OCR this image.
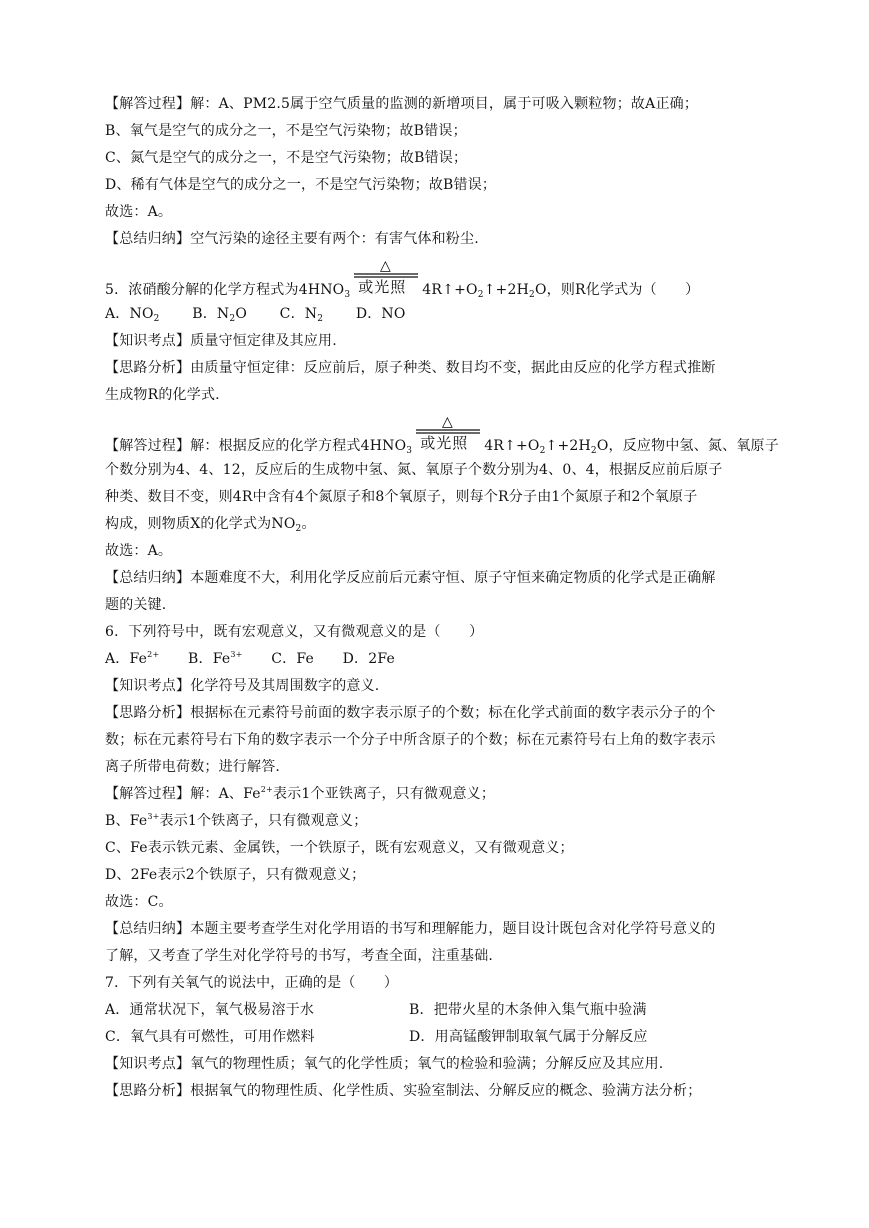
【解答过程】解：A、PM2.5属于空气质量的监测的新增项目，属于可吸入颗粒物；故A正确；
B、氧气是空气的成分之一，不是空气污染物；故B错误；
C、氮气是空气的成分之一，不是空气污染物；故B错误；
D、稀有气体是空气的成分之一，不是空气污染物；故B错误；
故选：A。
【总结归纳】空气污染的途径主要有两个：有害气体和粉尘.
5．浓硝酸分解的化学方程式为$4HNO_3$
△
或光照 $4R↑+O_2↑+2H_2O$，则R化学式为（　　）
A．$NO_2$ B．$N_2O$ C．$N_2$ D．NO
【知识考点】质量守恒定律及其应用.
【思路分析】由质量守恒定律：反应前后，原子种类、数目均不变，据此由反应的化学方程式推断
生成物R的化学式.
【解答过程】解：根据反应的化学方程式$4HNO_3$
△
或光照 $4R↑+O_2↑+2H_2O$，反应物中氢、氮、氧原子
个数分别为4、4、12，反应后的生成物中氢、氮、氧原子个数分别为4、0、4，根据反应前后原子
种类、数目不变，则4R中含有4个氮原子和8个氧原子，则每个R分子由1个氮原子和2个氧原子
构成，则物质X的化学式为$NO_2$。
故选：A。
【总结归纳】本题难度不大，利用化学反应前后元素守恒、原子守恒来确定物质的化学式是正确解
题的关键.
6．下列符号中，既有宏观意义，又有微观意义的是（　　）
A．$Fe^{2+}$ B．$Fe^{3+}$ C．Fe D．2Fe
【知识考点】化学符号及其周围数字的意义.
【思路分析】根据标在元素符号前面的数字表示原子的个数；标在化学式前面的数字表示分子的个
数；标在元素符号右下角的数字表示一个分子中所含原子的个数；标在元素符号右上角的数字表示
离子所带电荷数；进行解答.
【解答过程】解：A、$Fe^{2+}$表示1个亚铁离子，只有微观意义；
B、$Fe^{3+}$表示1个铁离子，只有微观意义；
C、Fe表示铁元素、金属铁，一个铁原子，既有宏观意义，又有微观意义；
D、2Fe表示2个铁原子，只有微观意义；
故选：C。
【总结归纳】本题主要考查学生对化学用语的书写和理解能力，题目设计既包含对化学符号意义的
了解，又考查了学生对化学符号的书写，考查全面，注重基础.
7．下列有关氧气的说法中，正确的是（　　）
A．通常状况下，氧气极易溶于水	B．把带火星的木条伸入集气瓶中验满
C．氧气具有可燃性，可用作燃料	D．用高锰酸钾制取氧气属于分解反应
【知识考点】氧气的物理性质；氧气的化学性质；氧气的检验和验满；分解反应及其应用.
【思路分析】根据氧气的物理性质、化学性质、实验室制法、分解反应的概念、验满方法分析；
